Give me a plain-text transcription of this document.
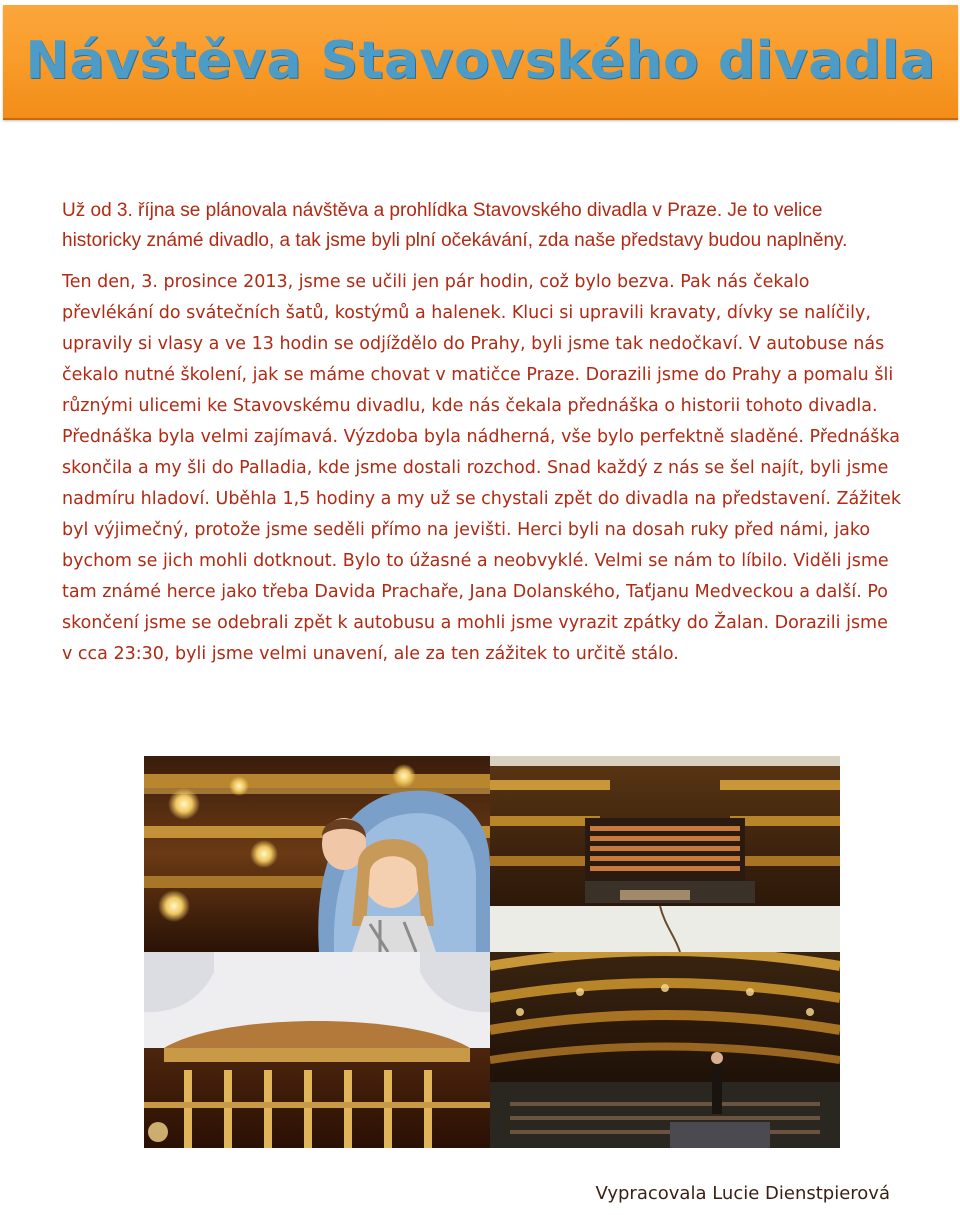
Návštěva Stavovského divadla

Už od 3. října se plánovala návštěva a prohlídka Stavovského divadla v Praze. Je to velice historicky známé divadlo, a tak jsme byli plní očekávání, zda naše představy budou naplněny.

Ten den, 3. prosince 2013, jsme se učili jen pár hodin, což bylo bezva. Pak nás čekalo převlékání do svátečních šatů, kostýmů a halenek. Kluci si upravili kravaty, dívky se nalíčily, upravily si vlasy a ve 13 hodin se odjíždělo do Prahy, byli jsme tak nedočkaví. V autobuse nás čekalo nutné školení, jak se máme chovat v matičce Praze. Dorazili jsme do Prahy a pomalu šli různými ulicemi ke Stavovskému divadlu, kde nás čekala přednáška o historii tohoto divadla. Přednáška byla velmi zajímavá. Výzdoba byla nádherná, vše bylo perfektně sladěné. Přednáška skončila a my šli do Palladia, kde jsme dostali rozchod. Snad každý z nás se šel najít, byli jsme nadmíru hladoví. Uběhla 1,5 hodiny a my už se chystali zpět do divadla na představení. Zážitek byl výjimečný, protože jsme seděli přímo na jevišti. Herci byli na dosah ruky před námi, jako bychom se jich mohli dotknout. Bylo to úžasné a neobvyklé. Velmi se nám to líbilo. Viděli jsme tam známé herce jako třeba Davida Prachaře, Jana Dolanského, Taťjanu Medveckou a další. Po skončení jsme se odebrali zpět k autobusu a mohli jsme vyrazit zpátky do Žalan. Dorazili jsme v cca 23:30, byli jsme velmi unavení, ale za ten zážitek to určitě stálo.

Vypracovala Lucie Dienstpierová
